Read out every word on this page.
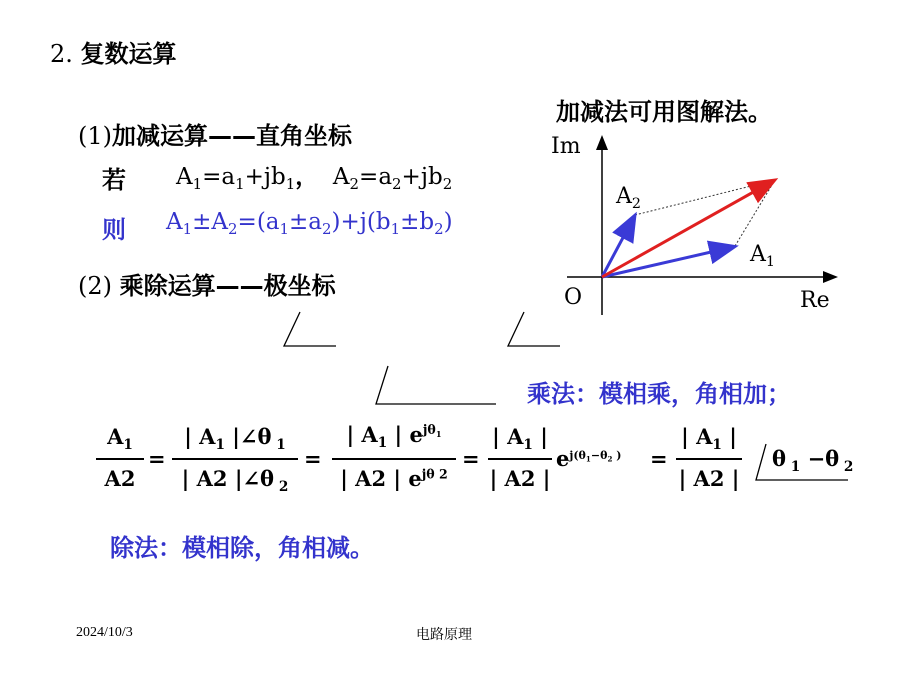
2. 复数运算
(1)加减运算——直角坐标
若 $A_1=a_1+jb_1$，  $A_2=a_2+jb_2$
则 $A_1\pm A_2=(a_1\pm a_2)+j(b_1\pm b_2)$
(2) 乘除运算——极坐标
加减法可用图解法。
Im
Re
O
$A_2$
$A_1$
乘法：模相乘，角相加；
$A_1$
A2
=
| $A_1$ |∠θ $_1$
| A2 |∠θ $_2$
=
| $A_1$ | $e^{j\theta_1}$
| A2 | $e^{j\theta 2}$
=
| $A_1$ |
| A2 |
$e^{j(\theta_1-\theta_2 )}$ =
| $A_1$ |
| A2 |
θ $_1$ −θ $_2$
除法：模相除，角相减。
2024/10/3	电路原理
